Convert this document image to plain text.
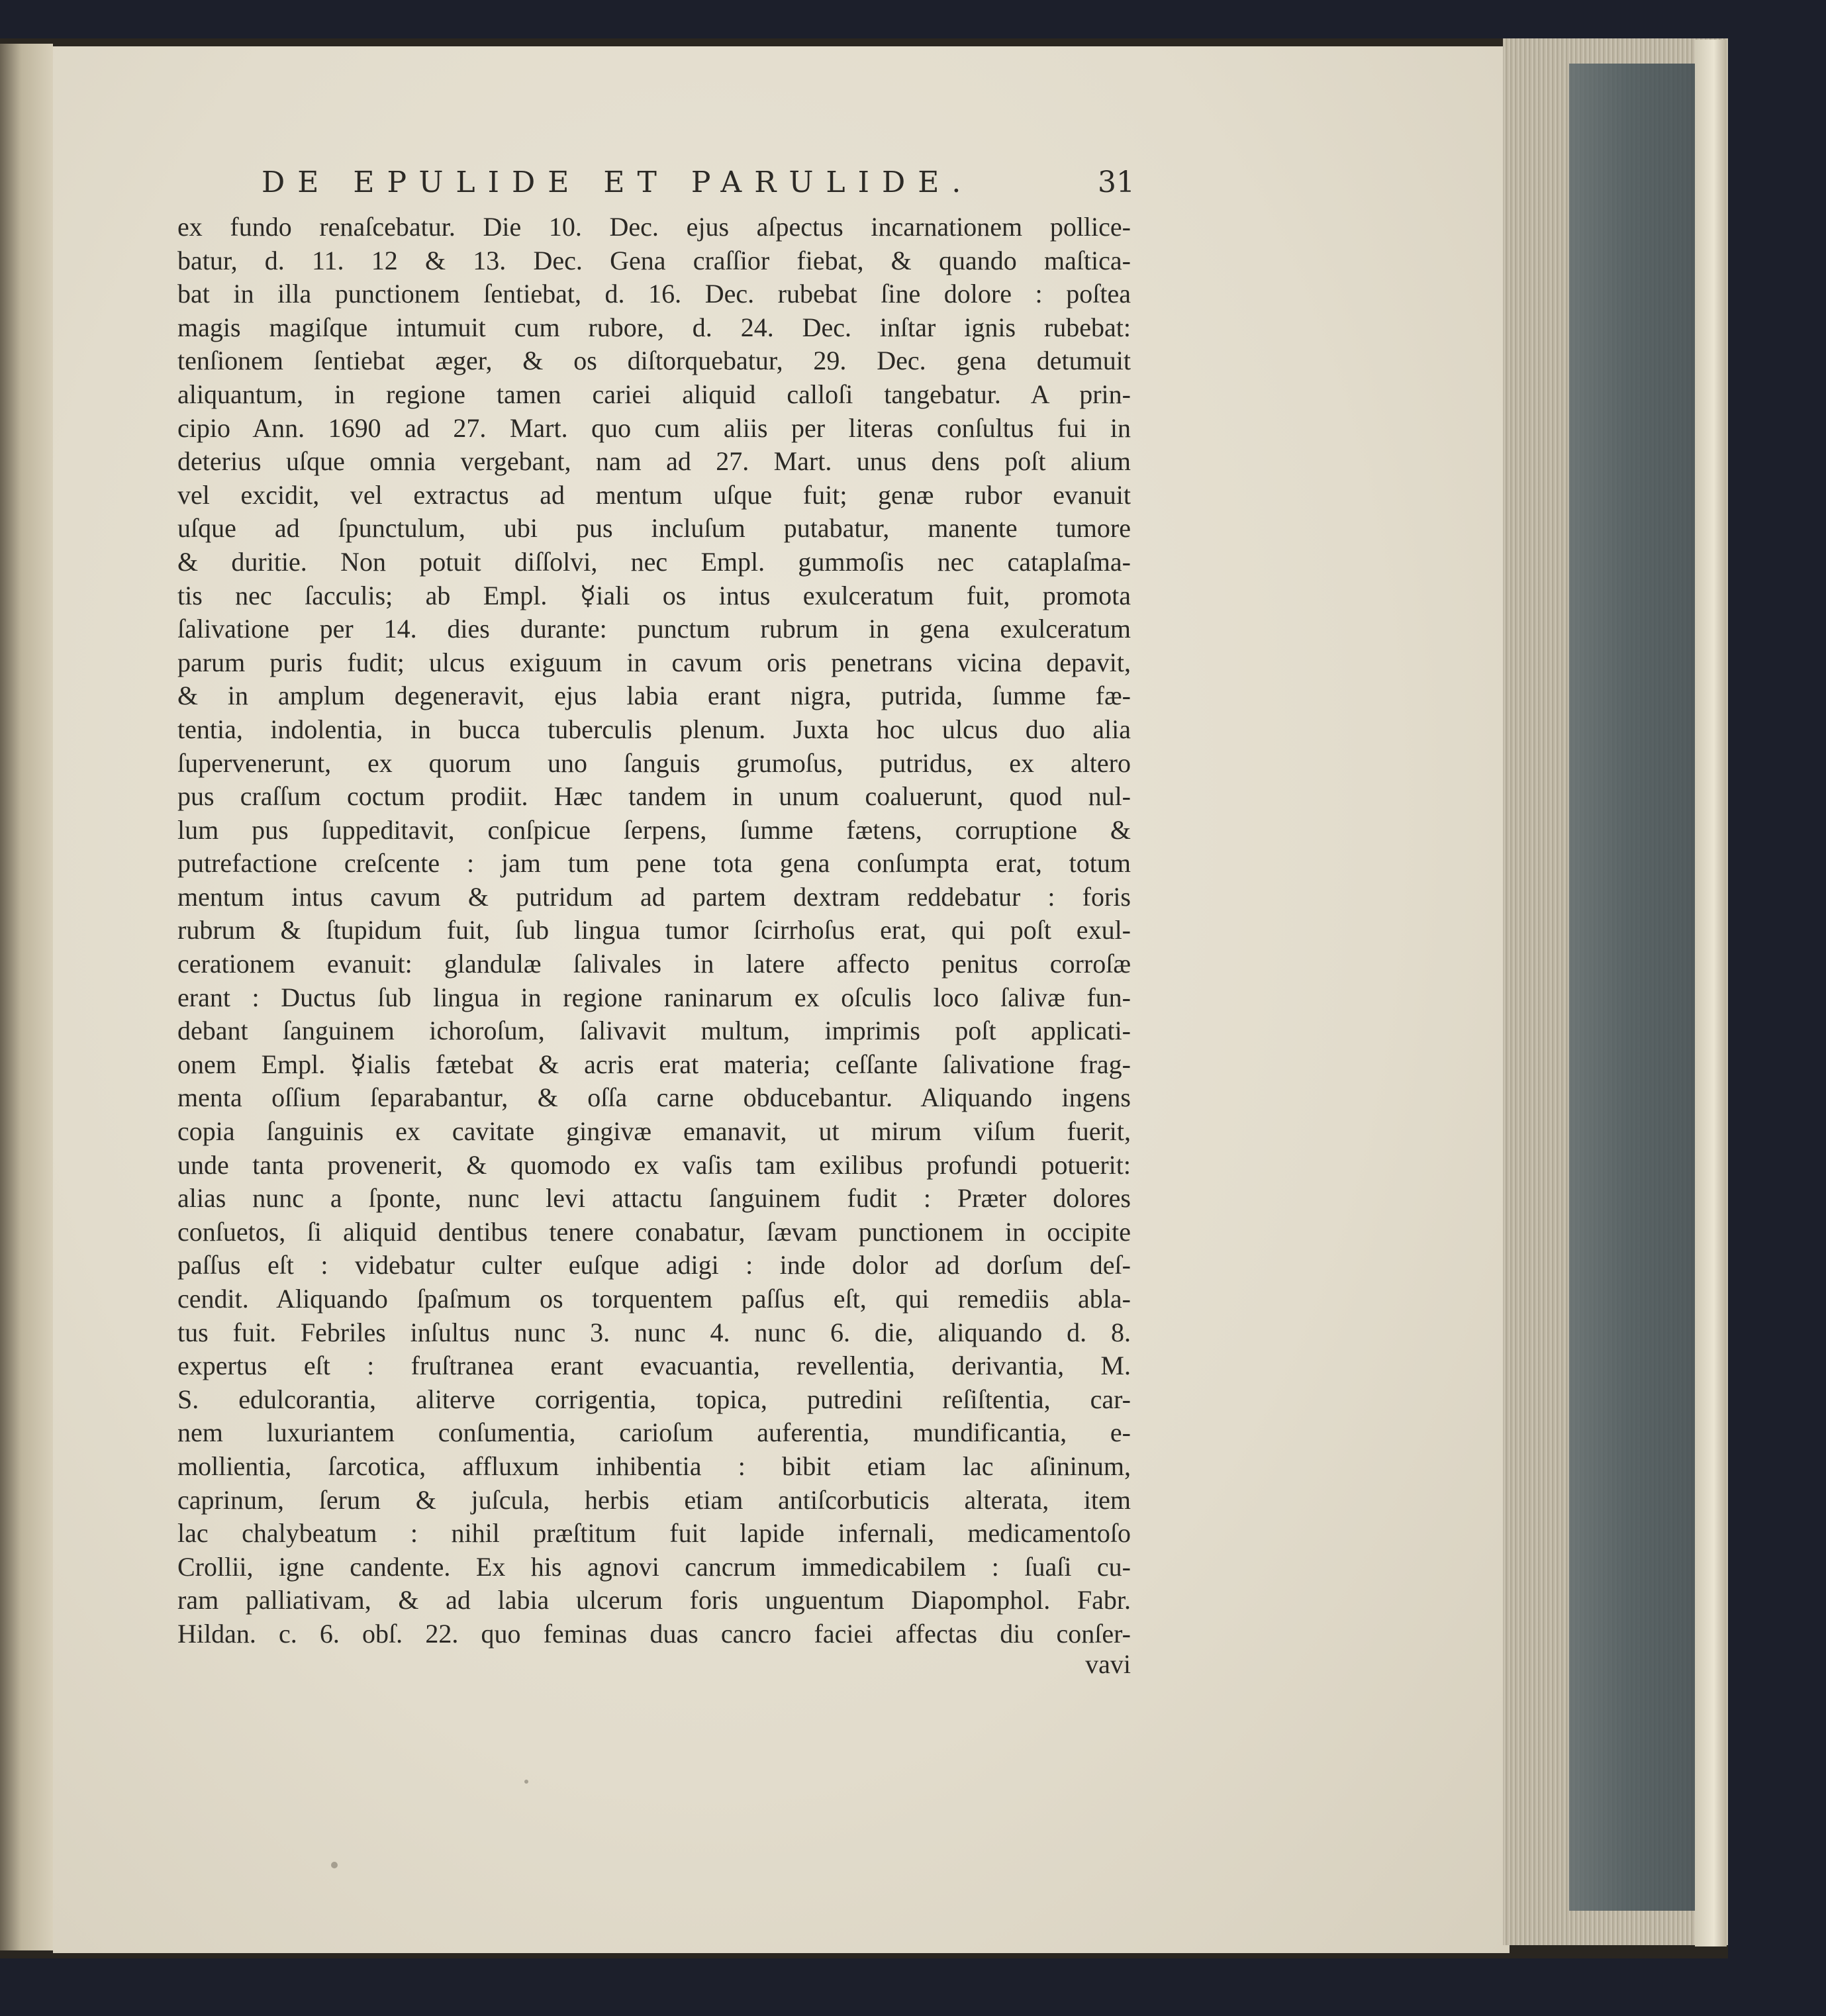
DE EPULIDE ET PARULIDE.	31
ex fundo renaſcebatur. Die 10. Dec. ejus aſpectus incarnationem pollice-
batur, d. 11. 12 & 13. Dec. Gena craſſior fiebat, & quando maſtica-
bat in illa punctionem ſentiebat, d. 16. Dec. rubebat ſine dolore : poſtea
magis magiſque intumuit cum rubore, d. 24. Dec. inſtar ignis rubebat:
tenſionem ſentiebat æger, & os diſtorquebatur, 29. Dec. gena detumuit
aliquantum, in regione tamen cariei aliquid calloſi tangebatur. A prin-
cipio Ann. 1690 ad 27. Mart. quo cum aliis per literas conſultus fui in
deterius uſque omnia vergebant, nam ad 27. Mart. unus dens poſt alium
vel excidit, vel extractus ad mentum uſque fuit; genæ rubor evanuit
uſque ad ſpunctulum, ubi pus incluſum putabatur, manente tumore
& duritie. Non potuit diſſolvi, nec Empl. gummoſis nec cataplaſma-
tis nec ſacculis; ab Empl. ☿iali os intus exulceratum fuit, promota
ſalivatione per 14. dies durante: punctum rubrum in gena exulceratum
parum puris fudit; ulcus exiguum in cavum oris penetrans vicina depavit,
& in amplum degeneravit, ejus labia erant nigra, putrida, ſumme fæ-
tentia, indolentia, in bucca tuberculis plenum. Juxta hoc ulcus duo alia
ſupervenerunt, ex quorum uno ſanguis grumoſus, putridus, ex altero
pus craſſum coctum prodiit. Hæc tandem in unum coaluerunt, quod nul-
lum pus ſuppeditavit, conſpicue ſerpens, ſumme fætens, corruptione &
putrefactione creſcente : jam tum pene tota gena conſumpta erat, totum
mentum intus cavum & putridum ad partem dextram reddebatur : foris
rubrum & ſtupidum fuit, ſub lingua tumor ſcirrhoſus erat, qui poſt exul-
cerationem evanuit: glandulæ ſalivales in latere affecto penitus corroſæ
erant : Ductus ſub lingua in regione raninarum ex oſculis loco ſalivæ fun-
debant ſanguinem ichoroſum, ſalivavit multum, imprimis poſt applicati-
onem Empl. ☿ialis fætebat & acris erat materia; ceſſante ſalivatione frag-
menta oſſium ſeparabantur, & oſſa carne obducebantur. Aliquando ingens
copia ſanguinis ex cavitate gingivæ emanavit, ut mirum viſum fuerit,
unde tanta provenerit, & quomodo ex vaſis tam exilibus profundi potuerit:
alias nunc a ſponte, nunc levi attactu ſanguinem fudit : Præter dolores
conſuetos, ſi aliquid dentibus tenere conabatur, ſævam punctionem in occipite
paſſus eſt : videbatur culter euſque adigi : inde dolor ad dorſum deſ-
cendit. Aliquando ſpaſmum os torquentem paſſus eſt, qui remediis abla-
tus fuit. Febriles inſultus nunc 3. nunc 4. nunc 6. die, aliquando d. 8.
expertus eſt : fruſtranea erant evacuantia, revellentia, derivantia, M.
S. edulcorantia, aliterve corrigentia, topica, putredini reſiſtentia, car-
nem luxuriantem conſumentia, carioſum auferentia, mundificantia, e-
mollientia, ſarcotica, affluxum inhibentia : bibit etiam lac aſininum,
caprinum, ſerum & juſcula, herbis etiam antiſcorbuticis alterata, item
lac chalybeatum : nihil præſtitum fuit lapide infernali, medicamentoſo
Crollii, igne candente. Ex his agnovi cancrum immedicabilem : ſuaſi cu-
ram palliativam, & ad labia ulcerum foris unguentum Diapomphol. Fabr.
Hildan. c. 6. obſ. 22. quo feminas duas cancro faciei affectas diu conſer-
vavi
